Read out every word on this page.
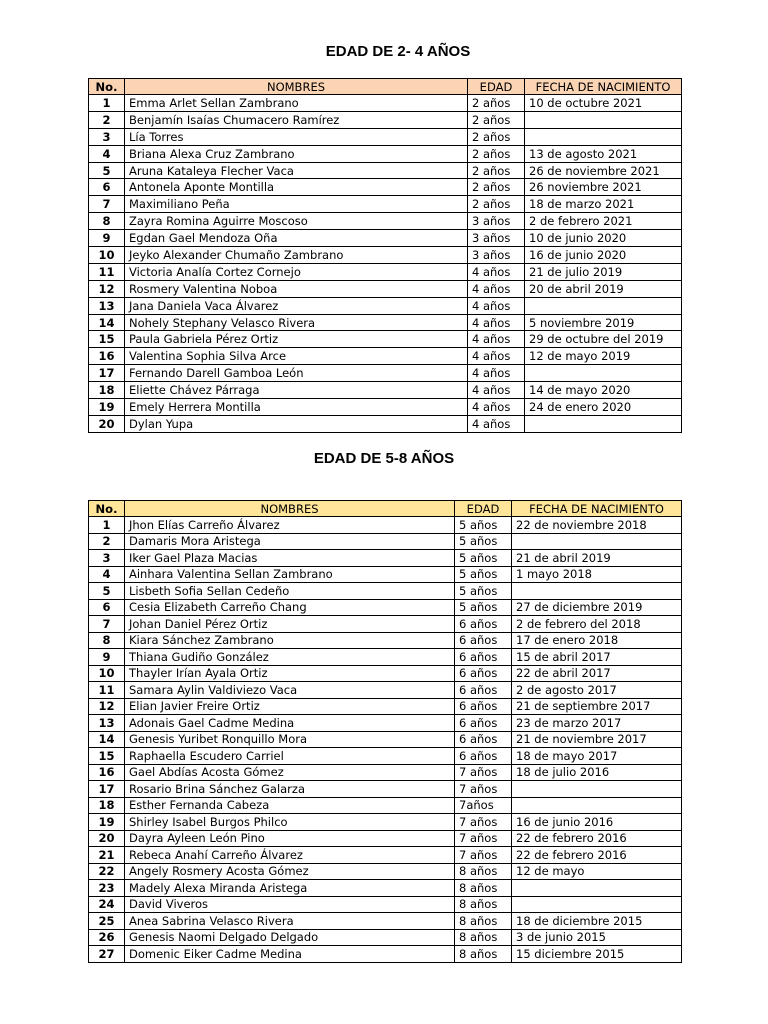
EDAD DE 2- 4 AÑOS
No.	NOMBRES	EDAD	FECHA DE NACIMIENTO
1	Emma Arlet Sellan Zambrano	2 años	10 de octubre 2021
2	Benjamín Isaías Chumacero Ramírez	2 años	
3	Lía Torres	2 años	
4	Briana Alexa Cruz Zambrano	2 años	13 de agosto 2021
5	Aruna Kataleya Flecher Vaca	2 años	26 de noviembre 2021
6	Antonela Aponte Montilla	2 años	26 noviembre 2021
7	Maximiliano Peña	2 años	18 de marzo 2021
8	Zayra Romina Aguirre Moscoso	3 años	2 de febrero 2021
9	Egdan Gael Mendoza Oña	3 años	10 de junio 2020
10	Jeyko Alexander Chumaño Zambrano	3 años	16 de junio 2020
11	Victoria Analía Cortez Cornejo	4 años	21 de julio 2019
12	Rosmery Valentina Noboa	4 años	20 de abril 2019
13	Jana Daniela Vaca Álvarez	4 años	
14	Nohely Stephany Velasco Rivera	4 años	5 noviembre 2019
15	Paula Gabriela Pérez Ortiz	4 años	29 de octubre del 2019
16	Valentina Sophia Silva Arce	4 años	12 de mayo 2019
17	Fernando Darell Gamboa León	4 años	
18	Eliette Chávez Párraga	4 años	14 de mayo 2020
19	Emely Herrera Montilla	4 años	24 de enero 2020
20	Dylan Yupa	4 años	
EDAD DE 5-8 AÑOS
No.	NOMBRES	EDAD	FECHA DE NACIMIENTO
1	Jhon Elías Carreño Álvarez	5 años	22 de noviembre 2018
2	Damaris Mora Aristega	5 años	
3	Iker Gael Plaza Macias	5 años	21 de abril 2019
4	Ainhara Valentina Sellan Zambrano	5 años	1 mayo 2018
5	Lisbeth Sofia Sellan Cedeño	5 años	
6	Cesia Elizabeth Carreño Chang	5 años	27 de diciembre 2019
7	Johan Daniel Pérez Ortiz	6 años	2 de febrero del 2018
8	Kiara Sánchez Zambrano	6 años	17 de enero 2018
9	Thiana Gudiño González	6 años	15 de abril 2017
10	Thayler Irían Ayala Ortiz	6 años	22 de abril 2017
11	Samara Aylin Valdiviezo Vaca	6 años	2 de agosto 2017
12	Elian Javier Freire Ortiz	6 años	21 de septiembre 2017
13	Adonais Gael Cadme Medina	6 años	23 de marzo 2017
14	Genesis Yuribet Ronquillo Mora	6 años	21 de noviembre 2017
15	Raphaella Escudero Carriel	6 años	18 de mayo 2017
16	Gael Abdías Acosta Gómez	7 años	18 de julio 2016
17	Rosario Brina Sánchez Galarza	7 años	
18	Esther Fernanda Cabeza	7años	
19	Shirley Isabel Burgos Philco	7 años	16 de junio 2016
20	Dayra Ayleen León Pino	7 años	22 de febrero 2016
21	Rebeca Anahí Carreño Álvarez	7 años	22 de febrero 2016
22	Angely Rosmery Acosta Gómez	8 años	12 de mayo
23	Madely Alexa Miranda Aristega	8 años	
24	David Viveros	8 años	
25	Anea Sabrina Velasco Rivera	8 años	18 de diciembre 2015
26	Genesis Naomi Delgado Delgado	8 años	3 de junio 2015
27	Domenic Eiker Cadme Medina	8 años	15 diciembre 2015
